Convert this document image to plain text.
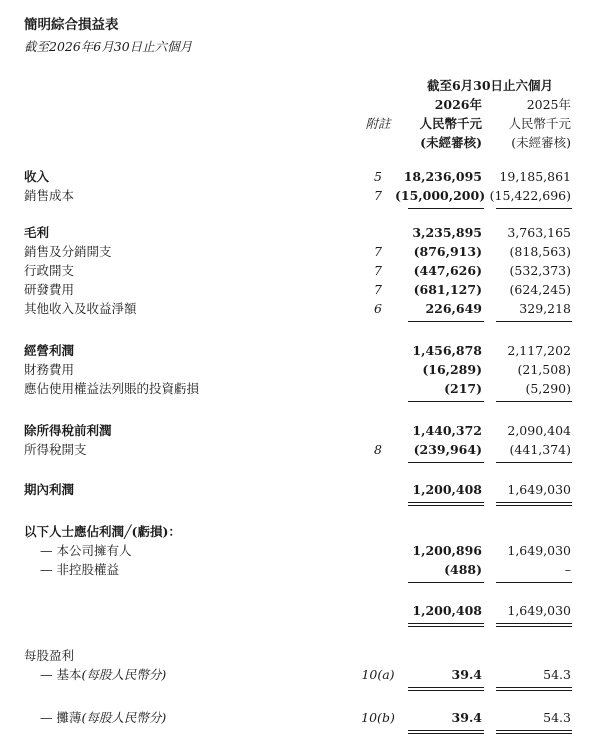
簡明綜合損益表
截至2026年6月30日止六個月
截至6月30日止六個月
2026年	2025年
附註	人民幣千元	人民幣千元
(未經審核)	(未經審核)
收入	5	18,236,095	19,185,861
銷售成本	7	(15,000,200) (15,422,696)
毛利	3,235,895	3,763,165
銷售及分銷開支	7	(876,913)	(818,563)
行政開支	7	(447,626)	(532,373)
研發費用	7	(681,127)	(624,245)
其他收入及收益淨額	6	226,649	329,218
經營利潤	1,456,878	2,117,202
財務費用	(16,289)	(21,508)
應佔使用權益法列賬的投資虧損	(217)	(5,290)
除所得稅前利潤	1,440,372	2,090,404
所得稅開支	8	(239,964)	(441,374)
期內利潤	1,200,408	1,649,030
以下人士應佔利潤╱(虧損)：
— 本公司擁有人	1,200,896	1,649,030
— 非控股權益	(488)	–
1,200,408	1,649,030
每股盈利
— 基本(每股人民幣分)	10(a)	39.4	54.3
— 攤薄(每股人民幣分)	10(b)	39.4	54.3
